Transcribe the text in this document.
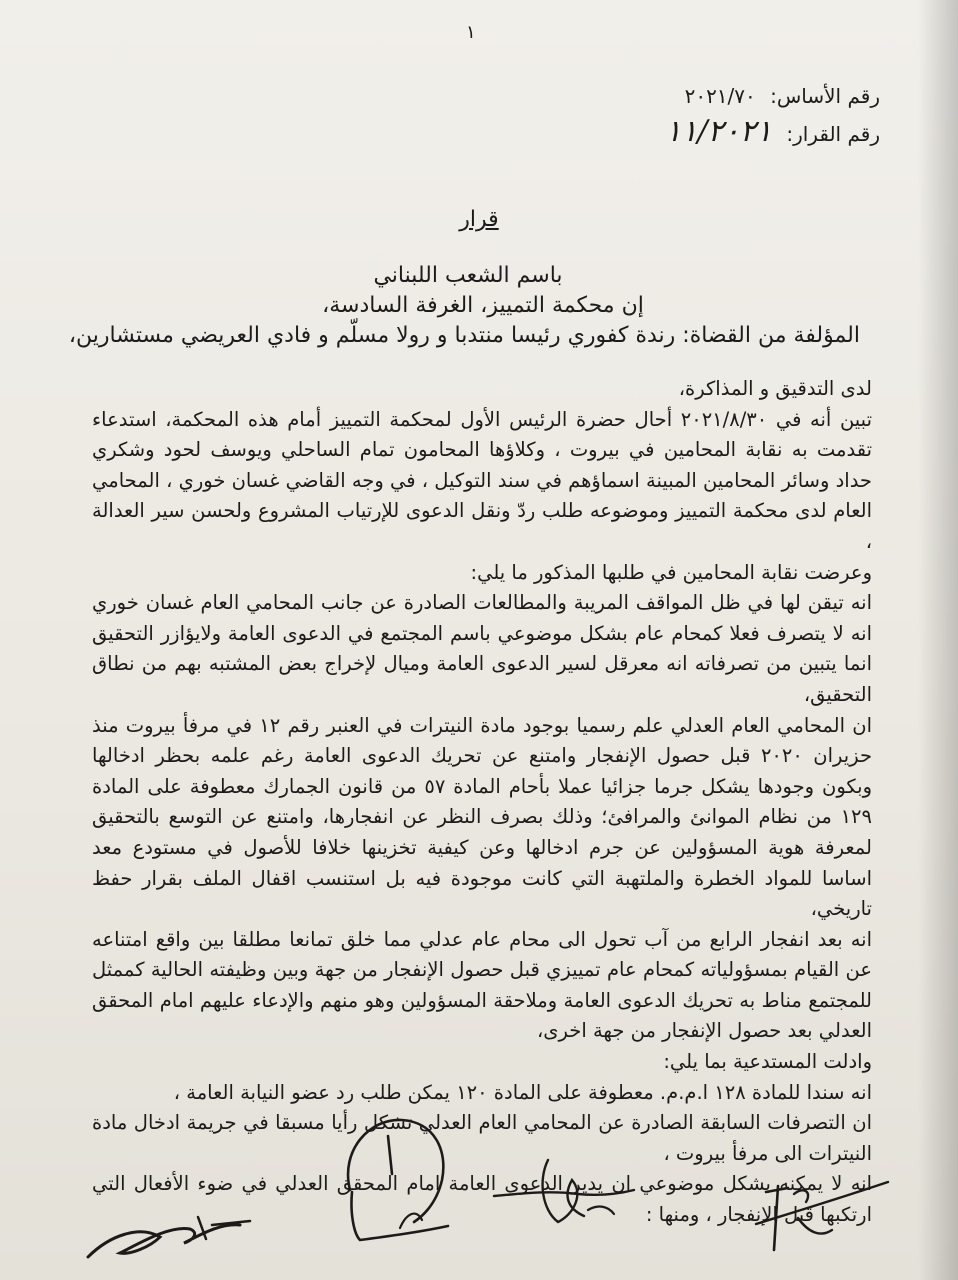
١
رقم الأساس: ٢٠٢١/٧٠
رقم القرار: ١١/٢٠٢١
قرار
باسم الشعب اللبناني
إن محكمة التمييز، الغرفة السادسة،
المؤلفة من القضاة: رندة كفوري رئيسا منتدبا و رولا مسلّم و فادي العريضي مستشارين،

لدى التدقيق و المذاكرة،

تبين أنه في ٢٠٢١/٨/٣٠ أحال حضرة الرئيس الأول لمحكمة التمييز أمام هذه المحكمة، استدعاء تقدمت به نقابة المحامين في بيروت ، وكلاؤها المحامون تمام الساحلي ويوسف لحود وشكري حداد وسائر المحامين المبينة اسماؤهم في سند التوكيل ، في وجه القاضي غسان خوري ، المحامي العام لدى محكمة التمييز وموضوعه طلب ردّ ونقل الدعوى للإرتياب المشروع ولحسن سير العدالة ،

وعرضت نقابة المحامين في طلبها المذكور ما يلي:

انه تيقن لها في ظل المواقف المريبة والمطالعات الصادرة عن جانب المحامي العام غسان خوري انه لا يتصرف فعلا كمحام عام بشكل موضوعي باسم المجتمع في الدعوى العامة ولايؤازر التحقيق انما يتبين من تصرفاته انه معرقل لسير الدعوى العامة وميال لإخراج بعض المشتبه بهم من نطاق التحقيق،

ان المحامي العام العدلي علم رسميا بوجود مادة النيترات في العنبر رقم ١٢ في مرفأ بيروت منذ حزيران ٢٠٢٠ قبل حصول الإنفجار وامتنع عن تحريك الدعوى العامة رغم علمه بحظر ادخالها وبكون وجودها يشكل جرما جزائيا عملا بأحام المادة ٥٧ من قانون الجمارك معطوفة على المادة ١٢٩ من نظام الموانئ والمرافئ؛ وذلك بصرف النظر عن انفجارها، وامتنع عن التوسع بالتحقيق لمعرفة هوية المسؤولين عن جرم ادخالها وعن كيفية تخزينها خلافا للأصول في مستودع معد اساسا للمواد الخطرة والملتهبة التي كانت موجودة فيه بل استنسب اقفال الملف بقرار حفظ تاريخي،

انه بعد انفجار الرابع من آب تحول الى محام عام عدلي مما خلق تمانعا مطلقا بين واقع امتناعه عن القيام بمسؤولياته كمحام عام تمييزي قبل حصول الإنفجار من جهة وبين وظيفته الحالية كممثل للمجتمع مناط به تحريك الدعوى العامة وملاحقة المسؤولين وهو منهم والإدعاء عليهم امام المحقق العدلي بعد حصول الإنفجار من جهة اخرى،

وادلت المستدعية بما يلي:

انه سندا للمادة ١٢٨ ا.م.م. معطوفة على المادة ١٢٠ يمكن طلب رد عضو النيابة العامة ،

ان التصرفات السابقة الصادرة عن المحامي العام العدلي تشكل رأيا مسبقا في جريمة ادخال مادة النيترات الى مرفأ بيروت ،

انه لا يمكنه بشكل موضوعي ان يدير الدعوى العامة امام المحقق العدلي في ضوء الأفعال التي ارتكبها قبل الإنفجار ، ومنها :
